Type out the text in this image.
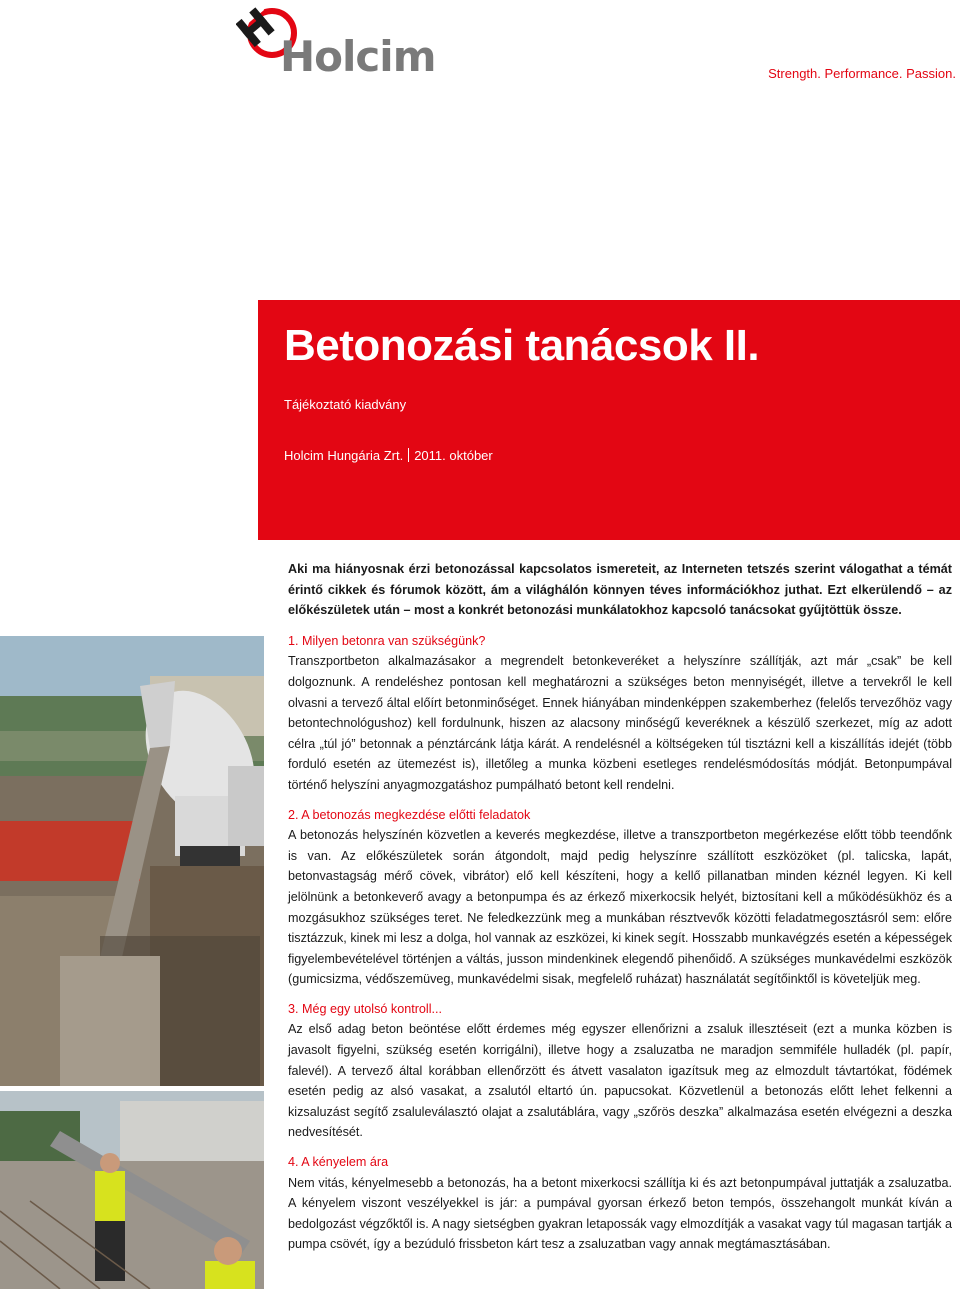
Holcim	Strength. Performance. Passion.
Betonozási tanácsok II.
Tájékoztató kiadvány
Holcim Hungária Zrt. 2011. október

Aki ma hiányosnak érzi betonozással kapcsolatos ismereteit, az Interneten tetszés szerint válogathat a témát érintő cikkek és fórumok között, ám a világhálón könnyen téves információkhoz juthat. Ezt elkerülendő – az előkészületek után – most a konkrét betonozási munkálatokhoz kapcsoló tanácsokat gyűjtöttük össze.

1. Milyen betonra van szükségünk?

Transzportbeton alkalmazásakor a megrendelt betonkeveréket a helyszínre szállítják, azt már „csak” be kell dolgoznunk. A rendeléshez pontosan kell meghatározni a szükséges beton mennyiségét, illetve a tervekről le kell olvasni a tervező által előírt betonminőséget. Ennek hiányában mindenképpen szakemberhez (felelős tervezőhöz vagy betontechnológushoz) kell fordulnunk, hiszen az alacsony minőségű keveréknek a készülő szerkezet, míg az adott célra „túl jó” betonnak a pénztárcánk látja kárát. A rendelésnél a költségeken túl tisztázni kell a kiszállítás idejét (több forduló esetén az ütemezést is), illetőleg a munka közbeni esetleges rendelésmódosítás módját. Betonpumpával történő helyszíni anyagmozgatáshoz pumpálható betont kell rendelni.

2. A betonozás megkezdése előtti feladatok

A betonozás helyszínén közvetlen a keverés megkezdése, illetve a transzportbeton megérkezése előtt több teendőnk is van. Az előkészületek során átgondolt, majd pedig helyszínre szállított eszközöket (pl. talicska, lapát, betonvastagság mérő cövek, vibrátor) elő kell készíteni, hogy a kellő pillanatban minden kéznél legyen. Ki kell jelölnünk a betonkeverő avagy a betonpumpa és az érkező mixerkocsik helyét, biztosítani kell a működésükhöz és a mozgásukhoz szükséges teret. Ne feledkezzünk meg a munkában résztvevők közötti feladatmegosztásról sem: előre tisztázzuk, kinek mi lesz a dolga, hol vannak az eszközei, ki kinek segít. Hosszabb munkavégzés esetén a képességek figyelembevételével történjen a váltás, jusson mindenkinek elegendő pihenőidő. A szükséges munkavédelmi eszközök (gumicsizma, védőszemüveg, munkavédelmi sisak, megfelelő ruházat) használatát segítőinktől is követeljük meg.

3. Még egy utolsó kontroll...

Az első adag beton beöntése előtt érdemes még egyszer ellenőrizni a zsaluk illesztéseit (ezt a munka közben is javasolt figyelni, szükség esetén korrigálni), illetve hogy a zsaluzatba ne maradjon semmiféle hulladék (pl. papír, falevél). A tervező által korábban ellenőrzött és átvett vasalaton igazítsuk meg az elmozdult távtartókat, födémek esetén pedig az alsó vasakat, a zsalutól eltartó ún. papucsokat. Közvetlenül a betonozás előtt lehet felkenni a kizsaluzást segítő zsaluleválasztó olajat a zsalutáblára, vagy „szőrös deszka” alkalmazása esetén elvégezni a deszka nedvesítését.

4. A kényelem ára

Nem vitás, kényelmesebb a betonozás, ha a betont mixerkocsi szállítja ki és azt betonpumpával juttatják a zsaluzatba. A kényelem viszont veszélyekkel is jár: a pumpával gyorsan érkező beton tempós, összehangolt munkát kíván a bedolgozást végzőktől is. A nagy sietségben gyakran letapossák vagy elmozdítják a vasakat vagy túl magasan tartják a pumpa csövét, így a bezúduló frissbeton kárt tesz a zsaluzatban vagy annak megtámasztásában.
